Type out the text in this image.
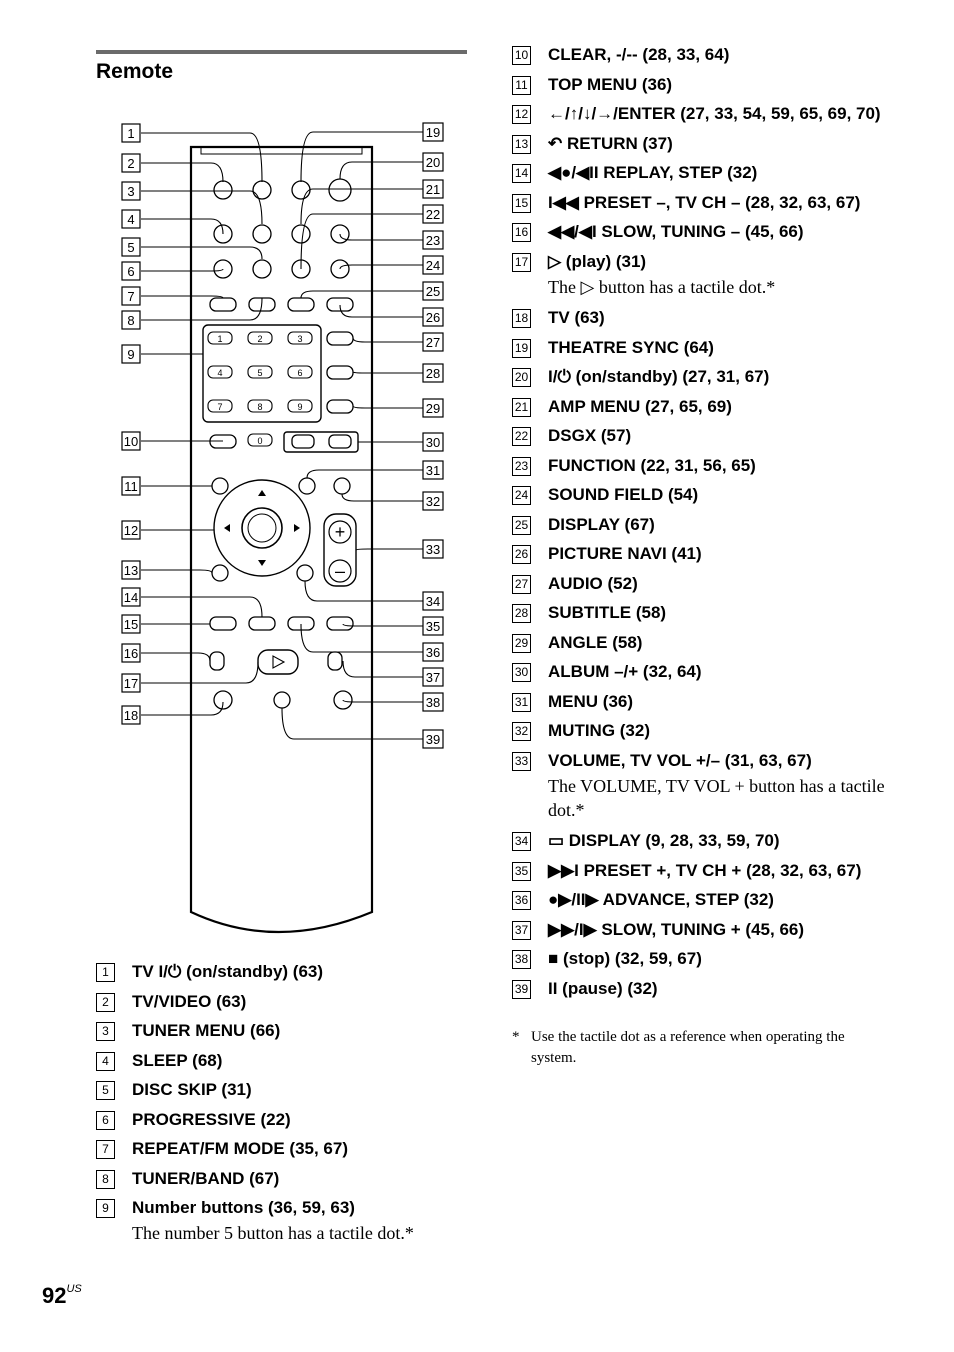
Remote
+
–
1	2	3
4	5	6
7	8	9
0
1
2
3
4
5
6
7
8
9
10
11
12
13
14
15
16
17
18
19
20
21
22
23
24
25
26
27
28
29
30
31
32
33
34
35
36
37
38
39
1	TV I/⏻ (on/standby) (63)
2	TV/VIDEO (63)
3	TUNER MENU (66)
4	SLEEP (68)
5	DISC SKIP (31)
6	PROGRESSIVE (22)
7	REPEAT/FM MODE (35, 67)
8	TUNER/BAND (67)
9	Number buttons (36, 59, 63)
The number 5 button has a tactile dot.*
10 CLEAR, -/-- (28, 33, 64)
11 TOP MENU (36)
12 ←/↑/↓/→/ENTER (27, 33, 54, 59, 65, 69, 70)
13 ↶ RETURN (37)
14 ◀●/◀II REPLAY, STEP (32)
15 I◀◀ PRESET –, TV CH – (28, 32, 63, 67)
16 ◀◀/◀I SLOW, TUNING – (45, 66)
17 ▷ (play) (31)
The ▷ button has a tactile dot.*
18 TV (63)
19 THEATRE SYNC (64)
20 I/⏻ (on/standby) (27, 31, 67)
21 AMP MENU (27, 65, 69)
22 DSGX (57)
23 FUNCTION (22, 31, 56, 65)
24 SOUND FIELD (54)
25 DISPLAY (67)
26 PICTURE NAVI (41)
27 AUDIO (52)
28 SUBTITLE (58)
29 ANGLE (58)
30 ALBUM –/+ (32, 64)
31 MENU (36)
32 MUTING (32)
33 VOLUME, TV VOL +/– (31, 63, 67)
The VOLUME, TV VOL + button has a tactile dot.*
34 ▭ DISPLAY (9, 28, 33, 59, 70)
35 ▶▶I PRESET +, TV CH + (28, 32, 63, 67)
36 ●▶/II▶ ADVANCE, STEP (32)
37 ▶▶/I▶ SLOW, TUNING + (45, 66)
38 ■ (stop) (32, 59, 67)
39 II (pause) (32)
* Use the tactile dot as a reference when operating the system.
$92^{US}$
